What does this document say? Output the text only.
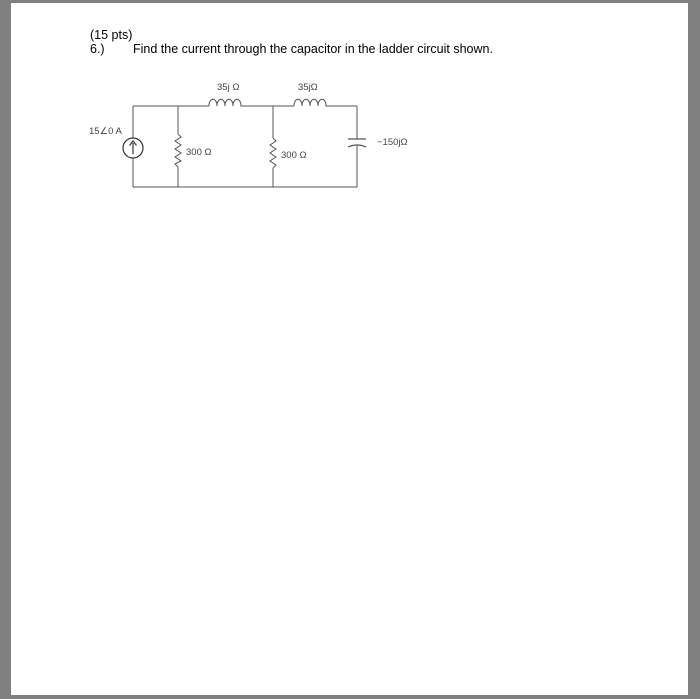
(15 pts)
6.) Find the current through the capacitor in the ladder circuit shown.
15∠0 A
35j Ω	35jΩ
300 Ω	300 Ω
−150jΩ
